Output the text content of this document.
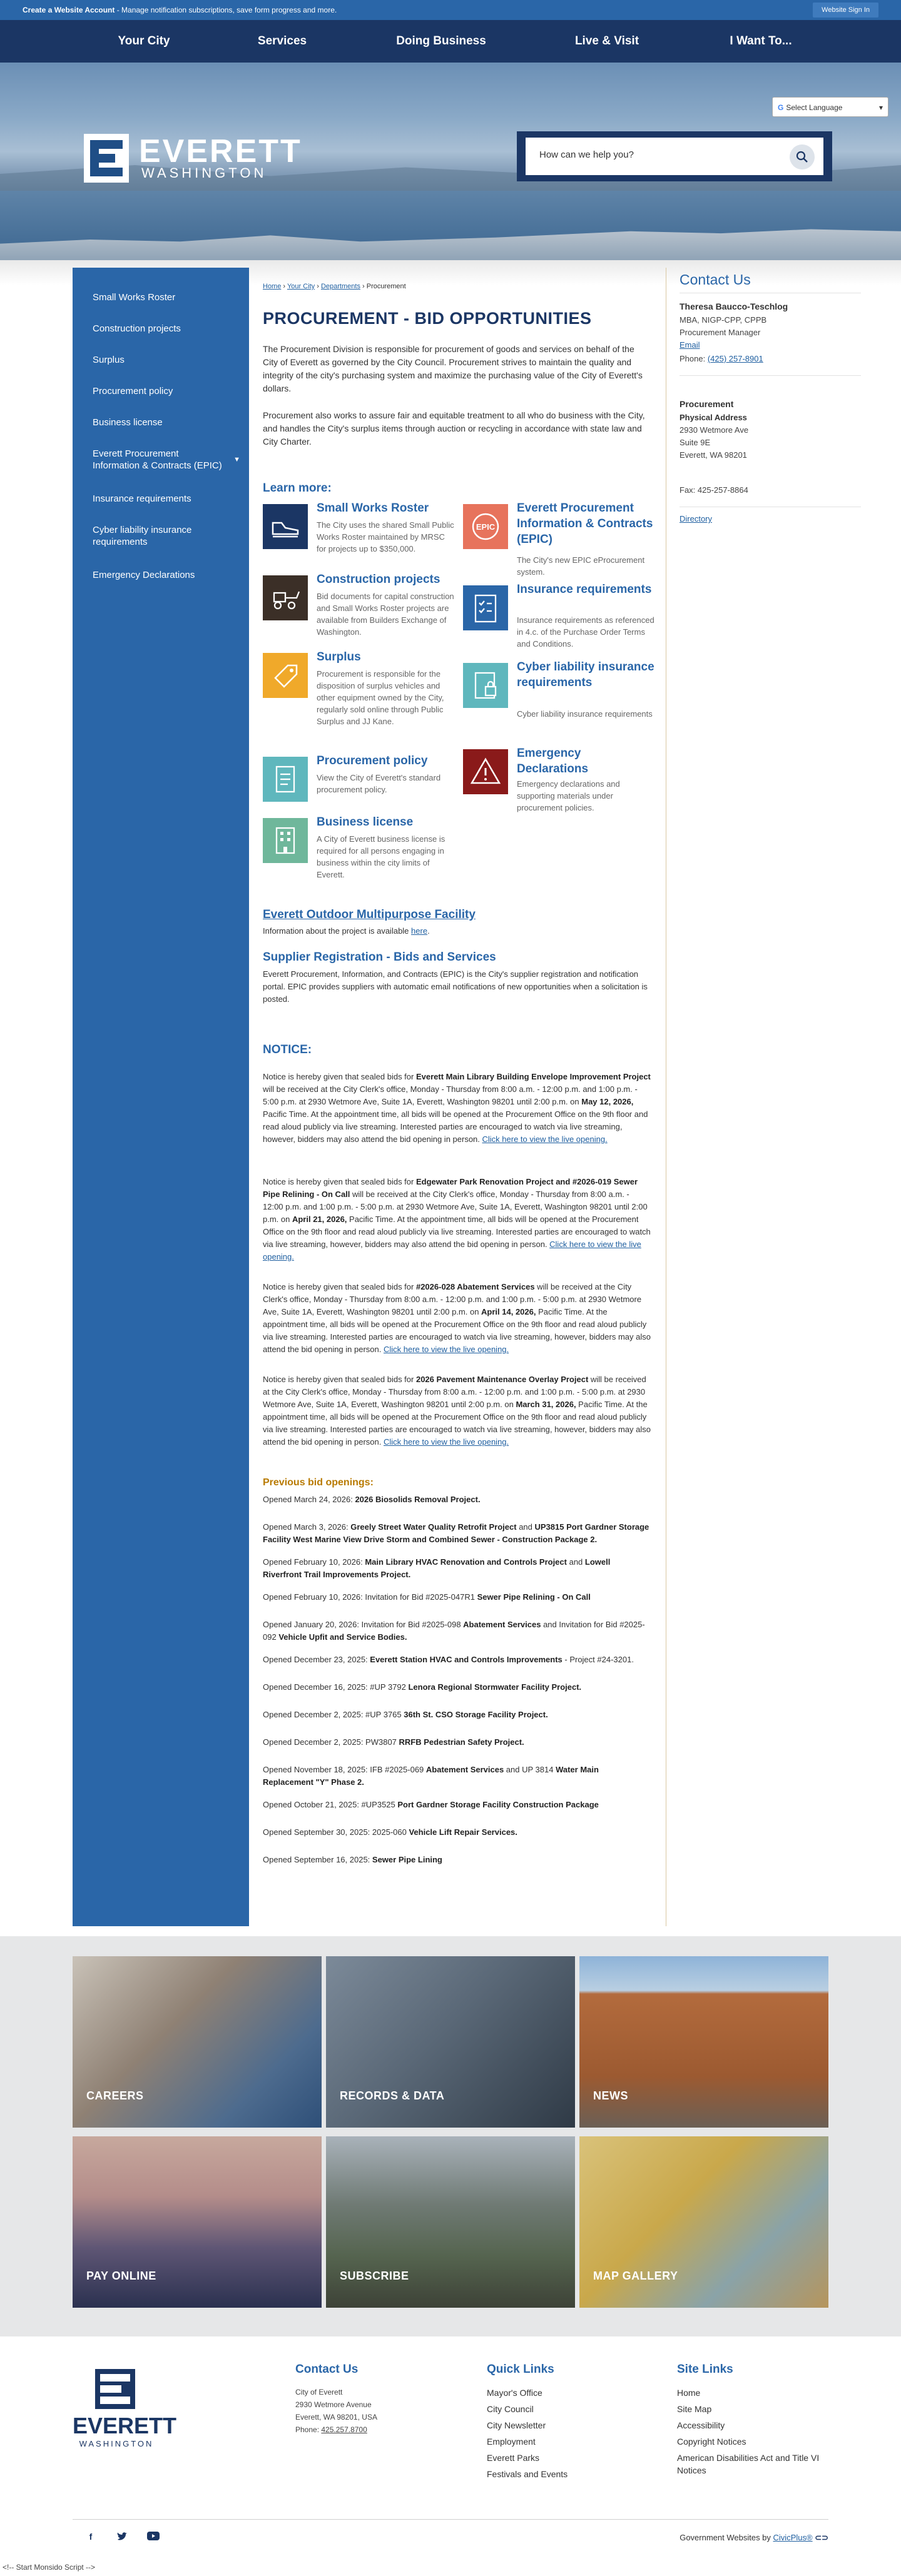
Create a Website Account - Manage notification subscriptions, save form progress and more.	Website Sign In
Your City	Services	Doing Business	Live & Visit	I Want To...
EVERETT
WASHINGTON
G Select Language	▾
How can we help you?
Small Works Roster
Construction projects
Surplus
Procurement policy
Business license
Everett Procurement Information & Contracts (EPIC)
▼
Insurance requirements
Cyber liability insurance requirements
Emergency Declarations
Home › Your City › Departments › Procurement
PROCUREMENT - BID OPPORTUNITIES
The Procurement Division is responsible for procurement of goods and services on behalf of the City of Everett as governed by the City Council. Procurement strives to maintain the quality and integrity of the city's purchasing system and maximize the purchasing value of the City of Everett's dollars.
Procurement also works to assure fair and equitable treatment to all who do business with the City, and handles the City's surplus items through auction or recycling in accordance with state law and City Charter.
Learn more:
Small Works Roster
The City uses the shared Small Public Works Roster maintained by MRSC for projects up to $350,000.
EPIC
Everett Procurement Information & Contracts (EPIC)
The City's new EPIC eProcurement system.
Construction projects
Bid documents for capital construction and Small Works Roster projects are available from Builders Exchange of Washington.
Insurance requirements
Insurance requirements as referenced in 4.c. of the Purchase Order Terms and Conditions.
Surplus
Procurement is responsible for the disposition of surplus vehicles and other equipment owned by the City, regularly sold online through Public Surplus and JJ Kane.
Cyber liability insurance requirements
Cyber liability insurance requirements
Procurement policy
View the City of Everett's standard procurement policy.
Emergency Declarations
Emergency declarations and supporting materials under procurement policies.
Business license
A City of Everett business license is required for all persons engaging in business within the city limits of Everett.
Everett Outdoor Multipurpose Facility
Information about the project is available here.
Supplier Registration - Bids and Services
Everett Procurement, Information, and Contracts (EPIC) is the City's supplier registration and notification portal. EPIC provides suppliers with automatic email notifications of new opportunities when a solicitation is posted.
NOTICE:
Notice is hereby given that sealed bids for Everett Main Library Building Envelope Improvement Project will be received at the City Clerk's office, Monday - Thursday from 8:00 a.m. - 12:00 p.m. and 1:00 p.m. - 5:00 p.m. at 2930 Wetmore Ave, Suite 1A, Everett, Washington 98201 until 2:00 p.m. on May 12, 2026, Pacific Time. At the appointment time, all bids will be opened at the Procurement Office on the 9th floor and read aloud publicly via live streaming. Interested parties are encouraged to watch via live streaming, however, bidders may also attend the bid opening in person. Click here to view the live opening.
Notice is hereby given that sealed bids for Edgewater Park Renovation Project and #2026-019 Sewer Pipe Relining - On Call will be received at the City Clerk's office, Monday - Thursday from 8:00 a.m. - 12:00 p.m. and 1:00 p.m. - 5:00 p.m. at 2930 Wetmore Ave, Suite 1A, Everett, Washington 98201 until 2:00 p.m. on April 21, 2026, Pacific Time. At the appointment time, all bids will be opened at the Procurement Office on the 9th floor and read aloud publicly via live streaming. Interested parties are encouraged to watch via live streaming, however, bidders may also attend the bid opening in person. Click here to view the live opening.
Notice is hereby given that sealed bids for #2026-028 Abatement Services will be received at the City Clerk's office, Monday - Thursday from 8:00 a.m. - 12:00 p.m. and 1:00 p.m. - 5:00 p.m. at 2930 Wetmore Ave, Suite 1A, Everett, Washington 98201 until 2:00 p.m. on April 14, 2026, Pacific Time. At the appointment time, all bids will be opened at the Procurement Office on the 9th floor and read aloud publicly via live streaming. Interested parties are encouraged to watch via live streaming, however, bidders may also attend the bid opening in person. Click here to view the live opening.
Notice is hereby given that sealed bids for 2026 Pavement Maintenance Overlay Project will be received at the City Clerk's office, Monday - Thursday from 8:00 a.m. - 12:00 p.m. and 1:00 p.m. - 5:00 p.m. at 2930 Wetmore Ave, Suite 1A, Everett, Washington 98201 until 2:00 p.m. on March 31, 2026, Pacific Time. At the appointment time, all bids will be opened at the Procurement Office on the 9th floor and read aloud publicly via live streaming. Interested parties are encouraged to watch via live streaming, however, bidders may also attend the bid opening in person. Click here to view the live opening.
Previous bid openings:
Opened March 24, 2026: 2026 Biosolids Removal Project.
Opened March 3, 2026: Greely Street Water Quality Retrofit Project and UP3815 Port Gardner Storage Facility West Marine View Drive Storm and Combined Sewer - Construction Package 2.
Opened February 10, 2026: Main Library HVAC Renovation and Controls Project and Lowell Riverfront Trail Improvements Project.
Opened February 10, 2026: Invitation for Bid #2025-047R1 Sewer Pipe Relining - On Call
Opened January 20, 2026: Invitation for Bid #2025-098 Abatement Services and Invitation for Bid #2025-092 Vehicle Upfit and Service Bodies.
Opened December 23, 2025: Everett Station HVAC and Controls Improvements - Project #24-3201.
Opened December 16, 2025: #UP 3792 Lenora Regional Stormwater Facility Project.
Opened December 2, 2025: #UP 3765 36th St. CSO Storage Facility Project.
Opened December 2, 2025: PW3807 RRFB Pedestrian Safety Project.
Opened November 18, 2025: IFB #2025-069 Abatement Services and UP 3814 Water Main Replacement "Y" Phase 2.
Opened October 21, 2025: #UP3525 Port Gardner Storage Facility Construction Package
Opened September 30, 2025: 2025-060 Vehicle Lift Repair Services.
Opened September 16, 2025: Sewer Pipe Lining
Contact Us
Theresa Baucco-Teschlog
MBA, NIGP-CPP, CPPB
Procurement Manager
Email
Phone: (425) 257-8901
Procurement
Physical Address
2930 Wetmore Ave
Suite 9E
Everett, WA 98201
Fax: 425-257-8864
Directory
CAREERS	RECORDS & DATA	NEWS
PAY ONLINE	SUBSCRIBE	MAP GALLERY
EVERETT
WASHINGTON
Contact Us
City of Everett
2930 Wetmore Avenue
Everett, WA 98201, USA
Phone: 425.257.8700
Quick Links
Mayor's Office
City Council
City Newsletter
Employment
Everett Parks
Festivals and Events
Site Links
Home
Site Map
Accessibility
Copyright Notices
American Disabilities Act and Title VI Notices
f	Government Websites by CivicPlus® ⊂⊃
<!-- Start Monsido Script -->
